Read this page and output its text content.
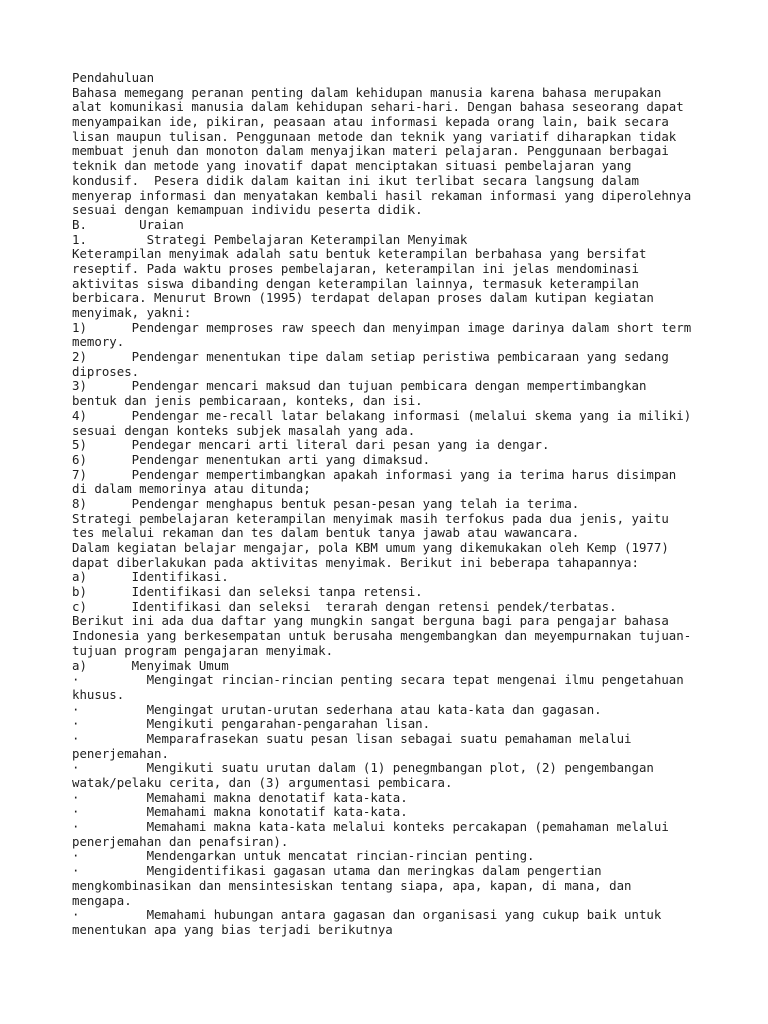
Pendahuluan
Bahasa memegang peranan penting dalam kehidupan manusia karena bahasa merupakan
alat komunikasi manusia dalam kehidupan sehari-hari. Dengan bahasa seseorang dapat
menyampaikan ide, pikiran, peasaan atau informasi kepada orang lain, baik secara
lisan maupun tulisan. Penggunaan metode dan teknik yang variatif diharapkan tidak
membuat jenuh dan monoton dalam menyajikan materi pelajaran. Penggunaan berbagai
teknik dan metode yang inovatif dapat menciptakan situasi pembelajaran yang
kondusif.  Pesera didik dalam kaitan ini ikut terlibat secara langsung dalam
menyerap informasi dan menyatakan kembali hasil rekaman informasi yang diperolehnya
sesuai dengan kemampuan individu peserta didik.
B.       Uraian
1.        Strategi Pembelajaran Keterampilan Menyimak
Keterampilan menyimak adalah satu bentuk keterampilan berbahasa yang bersifat
reseptif. Pada waktu proses pembelajaran, keterampilan ini jelas mendominasi
aktivitas siswa dibanding dengan keterampilan lainnya, termasuk keterampilan
berbicara. Menurut Brown (1995) terdapat delapan proses dalam kutipan kegiatan
menyimak, yakni:
1)      Pendengar memproses raw speech dan menyimpan image darinya dalam short term
memory.
2)      Pendengar menentukan tipe dalam setiap peristiwa pembicaraan yang sedang
diproses.
3)      Pendengar mencari maksud dan tujuan pembicara dengan mempertimbangkan
bentuk dan jenis pembicaraan, konteks, dan isi.
4)      Pendengar me-recall latar belakang informasi (melalui skema yang ia miliki)
sesuai dengan konteks subjek masalah yang ada.
5)      Pendegar mencari arti literal dari pesan yang ia dengar.
6)      Pendengar menentukan arti yang dimaksud.
7)      Pendengar mempertimbangkan apakah informasi yang ia terima harus disimpan
di dalam memorinya atau ditunda;
8)      Pendengar menghapus bentuk pesan-pesan yang telah ia terima.
Strategi pembelajaran keterampilan menyimak masih terfokus pada dua jenis, yaitu
tes melalui rekaman dan tes dalam bentuk tanya jawab atau wawancara.
Dalam kegiatan belajar mengajar, pola KBM umum yang dikemukakan oleh Kemp (1977)
dapat diberlakukan pada aktivitas menyimak. Berikut ini beberapa tahapannya:
a)      Identifikasi.
b)      Identifikasi dan seleksi tanpa retensi.
c)      Identifikasi dan seleksi  terarah dengan retensi pendek/terbatas.
Berikut ini ada dua daftar yang mungkin sangat berguna bagi para pengajar bahasa
Indonesia yang berkesempatan untuk berusaha mengembangkan dan meyempurnakan tujuan-
tujuan program pengajaran menyimak.
a)      Menyimak Umum
·         Mengingat rincian-rincian penting secara tepat mengenai ilmu pengetahuan
khusus.
·         Mengingat urutan-urutan sederhana atau kata-kata dan gagasan.
·         Mengikuti pengarahan-pengarahan lisan.
·         Memparafrasekan suatu pesan lisan sebagai suatu pemahaman melalui
penerjemahan.
·         Mengikuti suatu urutan dalam (1) penegmbangan plot, (2) pengembangan
watak/pelaku cerita, dan (3) argumentasi pembicara.
·         Memahami makna denotatif kata-kata.
·         Memahami makna konotatif kata-kata.
·         Memahami makna kata-kata melalui konteks percakapan (pemahaman melalui
penerjemahan dan penafsiran).
·         Mendengarkan untuk mencatat rincian-rincian penting.
·         Mengidentifikasi gagasan utama dan meringkas dalam pengertian
mengkombinasikan dan mensintesiskan tentang siapa, apa, kapan, di mana, dan
mengapa.
·         Memahami hubungan antara gagasan dan organisasi yang cukup baik untuk
menentukan apa yang bias terjadi berikutnya
